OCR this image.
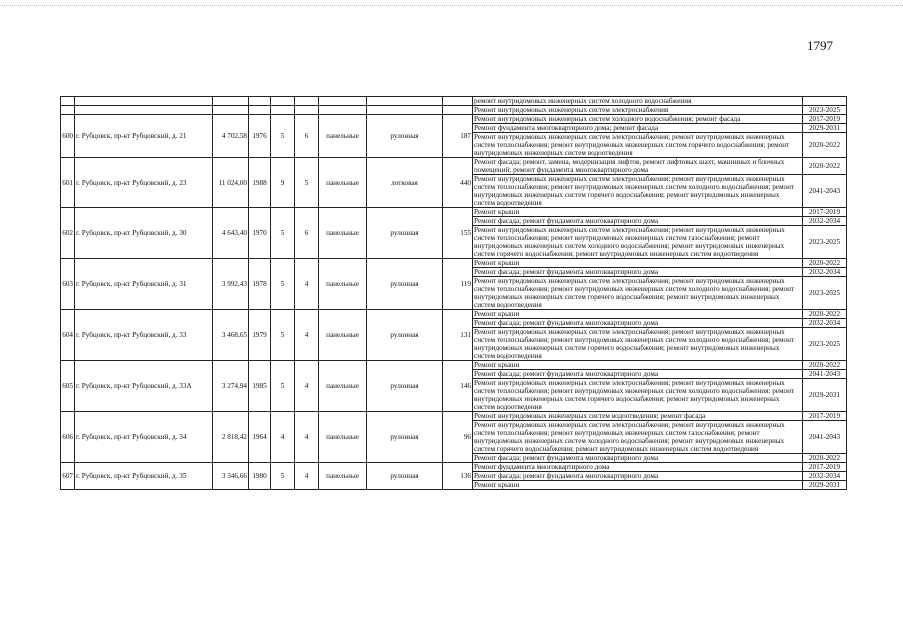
1797
									ремонт внутридомовых инженерных систем холодного водоснабжения	
									Ремонт внутридомовых инженерных систем электроснабжения	2023-2025
600	г. Рубцовск, пр-кт Рубцовский, д. 21	4 702,58	1976	5	6	панельные	рулонная	187	Ремонт внутридомовых инженерных систем холодного водоснабжения; ремонт фасада	2017-2019
									Ремонт фундамента многоквартирного дома; ремонт фасада	2029-2031
									Ремонт внутридомовых инженерных систем электроснабжения; ремонт внутридомовых инженерных систем теплоснабжения; ремонт внутридомовых инженерных систем горячего водоснабжения; ремонт внутридомовых инженерных систем водоотведения	2020-2022
601	г. Рубцовск, пр-кт Рубцовский, д. 23	11 024,00	1988	9	5	панельные	лотковая	440	Ремонт фасада; ремонт, замена, модернизация лифтов, ремонт лифтовых шахт, машинных и блочных помещений; ремонт фундамента многоквартирного дома	2020-2022
									Ремонт внутридомовых инженерных систем электроснабжения; ремонт внутридомовых инженерных систем теплоснабжения; ремонт внутридомовых инженерных систем холодного водоснабжения; ремонт внутридомовых инженерных систем горячего водоснабжения; ремонт внутридомовых инженерных систем водоотведения	2041-2043
602	г. Рубцовск, пр-кт Рубцовский, д. 30	4 643,40	1970	5	6	панельные	рулонная	155	Ремонт крыши	2017-2019
									Ремонт фасада; ремонт фундамента многоквартирного дома	2032-2034
									Ремонт внутридомовых инженерных систем электроснабжения; ремонт внутридомовых инженерных систем теплоснабжения; ремонт внутридомовых инженерных систем газоснабжения; ремонт внутридомовых инженерных систем холодного водоснабжения; ремонт внутридомовых инженерных систем горячего водоснабжения; ремонт внутридомовых инженерных систем водоотведения	2023-2025
603	г. Рубцовск, пр-кт Рубцовский, д. 31	3 992,43	1978	5	4	панельные	рулонная	119	Ремонт крыши	2020-2022
									Ремонт фасада; ремонт фундамента многоквартирного дома	2032-2034
									Ремонт внутридомовых инженерных систем электроснабжения; ремонт внутридомовых инженерных систем теплоснабжения; ремонт внутридомовых инженерных систем холодного водоснабжения; ремонт внутридомовых инженерных систем горячего водоснабжения; ремонт внутридомовых инженерных систем водоотведения	2023-2025
604	г. Рубцовск, пр-кт Рубцовский, д. 33	3 468,65	1979	5	4	панельные	рулонная	131	Ремонт крыши	2020-2022
									Ремонт фасада; ремонт фундамента многоквартирного дома	2032-2034
									Ремонт внутридомовых инженерных систем электроснабжения; ремонт внутридомовых инженерных систем теплоснабжения; ремонт внутридомовых инженерных систем холодного водоснабжения; ремонт внутридомовых инженерных систем горячего водоснабжения; ремонт внутридомовых инженерных систем водоотведения	2023-2025
605	г. Рубцовск, пр-кт Рубцовский, д. 33А	3 274,94	1985	5	4	панельные	рулонная	146	Ремонт крыши	2020-2022
									Ремонт фасада; ремонт фундамента многоквартирного дома	2041-2043
									Ремонт внутридомовых инженерных систем электроснабжения; ремонт внутридомовых инженерных систем теплоснабжения; ремонт внутридомовых инженерных систем холодного водоснабжения; ремонт внутридомовых инженерных систем горячего водоснабжения; ремонт внутридомовых инженерных систем водоотведения	2029-2031
606	г. Рубцовск, пр-кт Рубцовский, д. 34	2 818,42	1964	4	4	панельные	рулонная	96	Ремонт внутридомовых инженерных систем водоотведения; ремонт фасада	2017-2019
									Ремонт внутридомовых инженерных систем электроснабжения; ремонт внутридомовых инженерных систем теплоснабжения; ремонт внутридомовых инженерных систем газоснабжения; ремонт внутридомовых инженерных систем холодного водоснабжения; ремонт внутридомовых инженерных систем горячего водоснабжения; ремонт внутридомовых инженерных систем водоотведения	2041-2043
									Ремонт фасада; ремонт фундамента многоквартирного дома	2020-2022
607	г. Рубцовск, пр-кт Рубцовский, д. 35	3 346,66	1980	5	4	панельные	рулонная	136	Ремонт фундамента многоквартирного дома	2017-2019
									Ремонт фасада; ремонт фундамента многоквартирного дома	2032-2034
									Ремонт крыши	2029-2031
